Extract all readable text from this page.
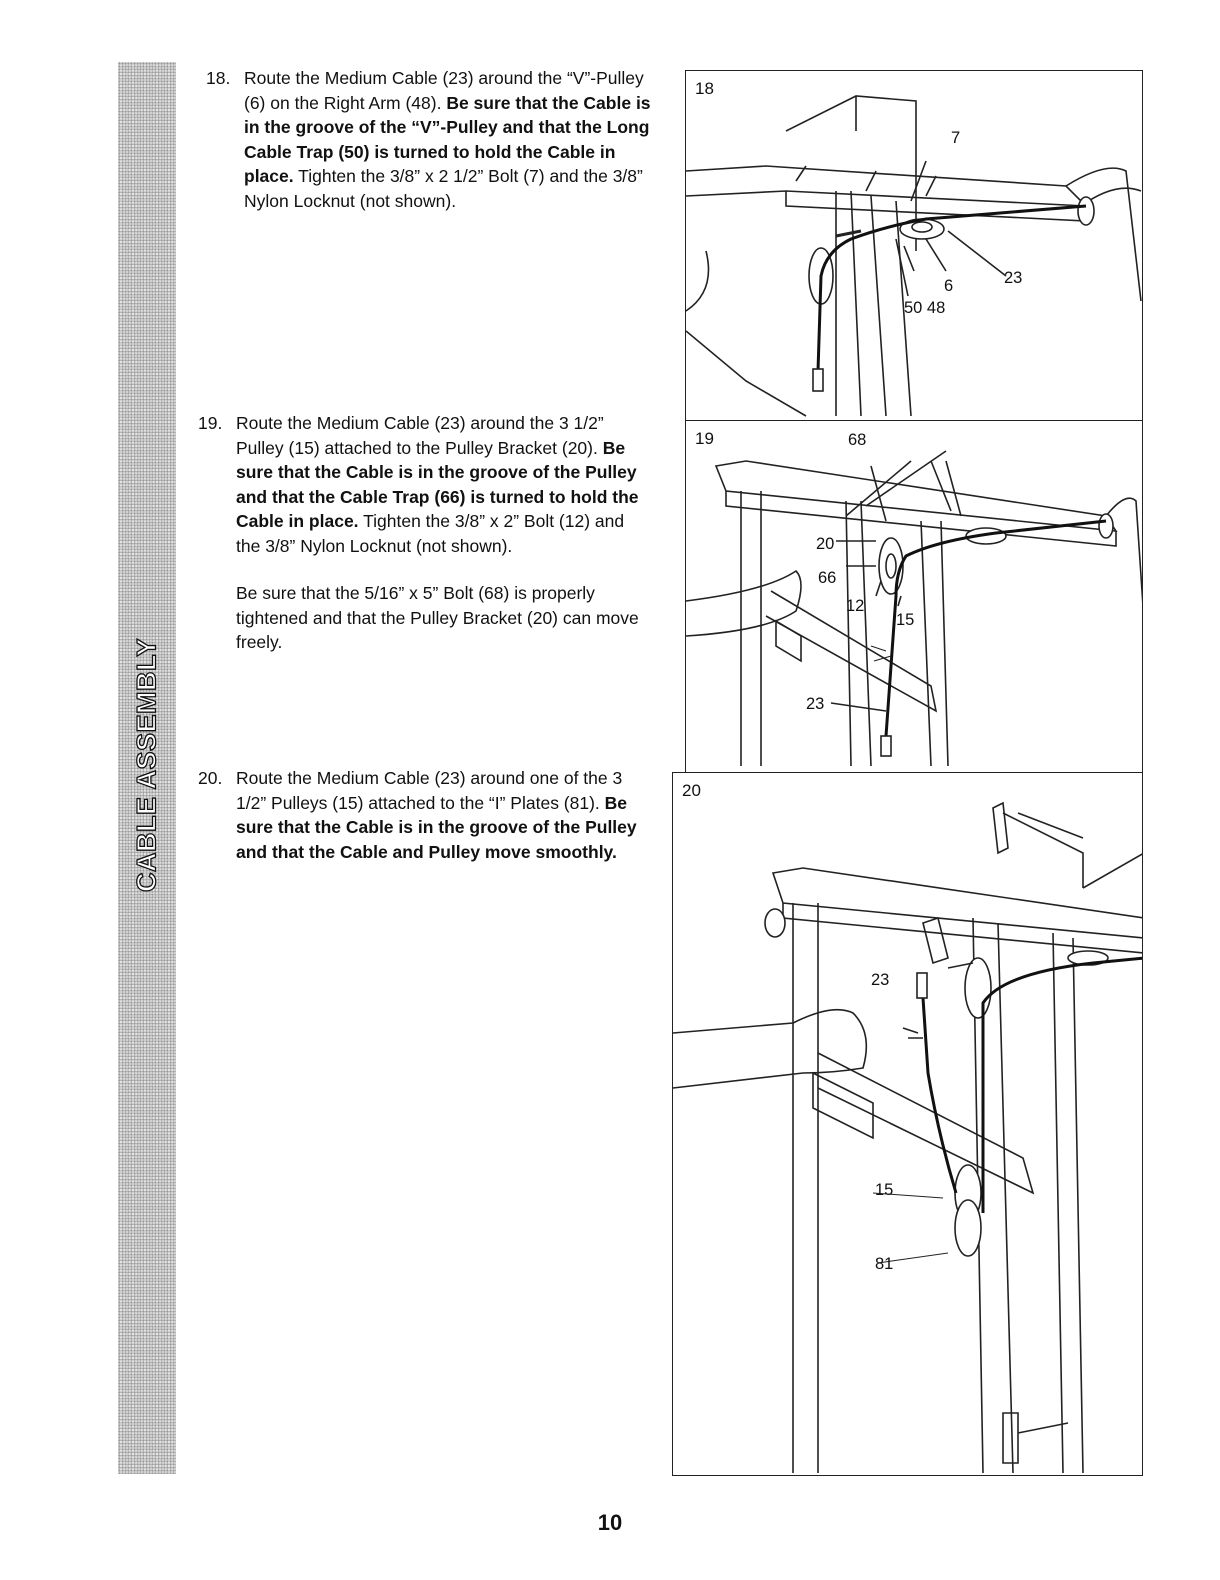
CABLE ASSEMBLY
18. Route the Medium Cable (23) around the “V”-Pulley (6) on the Right Arm (48). Be sure that the Cable is in the groove of the “V”-Pulley and that the Long Cable Trap (50) is turned to hold the Cable in place. Tighten the 3/8” x 2 1/2” Bolt (7) and the 3/8” Nylon Locknut (not shown).

19. Route the Medium Cable (23) around the 3 1/2” Pulley (15) attached to the Pulley Bracket (20). Be sure that the Cable is in the groove of the Pulley and that the Cable Trap (66) is turned to hold the Cable in place. Tighten the 3/8” x 2” Bolt (12) and the 3/8” Nylon Locknut (not shown).

Be sure that the 5/16” x 5” Bolt (68) is properly tightened and that the Pulley Bracket (20) can move freely.

20. Route the Medium Cable (23) around one of the 3 1/2” Pulleys (15) attached to the “I” Plates (81). Be sure that the Cable is in the groove of the Pulley and that the Cable and Pulley move smoothly.

18
7
6	23
50 48
19	68
20
66
12
15
23
20
23
15
81
10
